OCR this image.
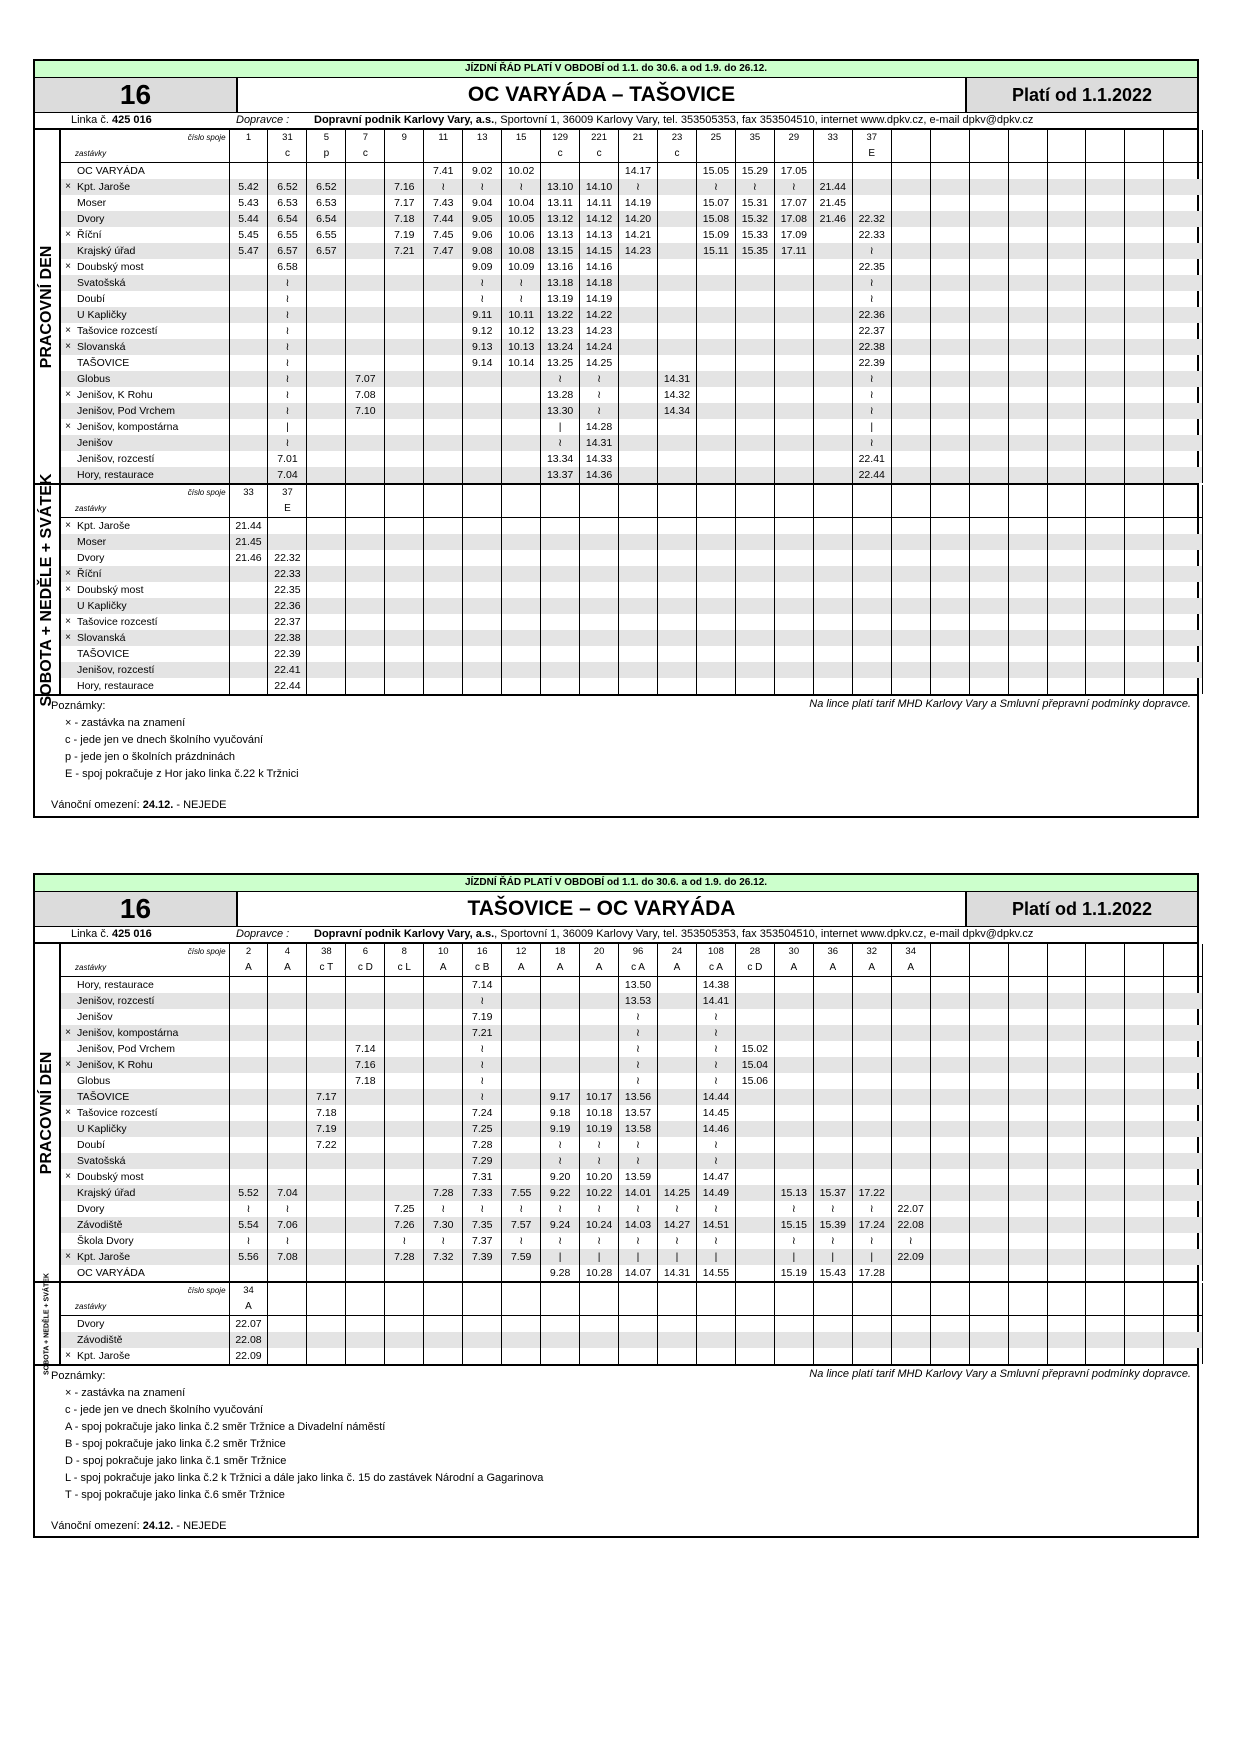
JÍZDNÍ ŘÁD PLATÍ V OBDOBÍ od 1.1. do 30.6. a od 1.9. do 26.12.
16	OC VARYÁDA – TAŠOVICE	Platí od 1.1.2022
Linka č. 425 016	Dopravce :	Dopravní podnik Karlovy Vary, a.s., Sportovní 1, 36009 Karlovy Vary, tel. 353505353, fax 353504510, internet www.dpkv.cz, e-mail dpkv@dpkv.cz
PRACOVNÍ DEN
číslo spoje		1	31	5	7	9	11	13	15	129	221	21	23	25	35	29	33	37								
zastávky			c	p	c					c	c		c					E								
	OC VARYÁDA						7.41	9.02	10.02			14.17		15.05	15.29	17.05										
×	Kpt. Jaroše	5.42	6.52	6.52		7.16	≀	≀	≀	13.10	14.10	≀		≀	≀	≀	21.44									
	Moser	5.43	6.53	6.53		7.17	7.43	9.04	10.04	13.11	14.11	14.19		15.07	15.31	17.07	21.45									
	Dvory	5.44	6.54	6.54		7.18	7.44	9.05	10.05	13.12	14.12	14.20		15.08	15.32	17.08	21.46	22.32								
×	Říční	5.45	6.55	6.55		7.19	7.45	9.06	10.06	13.13	14.13	14.21		15.09	15.33	17.09		22.33								
	Krajský úřad	5.47	6.57	6.57		7.21	7.47	9.08	10.08	13.15	14.15	14.23		15.11	15.35	17.11		≀								
×	Doubský most		6.58					9.09	10.09	13.16	14.16							22.35								
	Svatošská		≀					≀	≀	13.18	14.18							≀								
	Doubí		≀					≀	≀	13.19	14.19							≀								
	U Kapličky		≀					9.11	10.11	13.22	14.22							22.36								
×	Tašovice rozcestí		≀					9.12	10.12	13.23	14.23							22.37								
×	Slovanská		≀					9.13	10.13	13.24	14.24							22.38								
	TAŠOVICE		≀					9.14	10.14	13.25	14.25							22.39								
	Globus		≀		7.07					≀	≀		14.31					≀								
×	Jenišov, K Rohu		≀		7.08					13.28	≀		14.32					≀								
	Jenišov, Pod Vrchem		≀		7.10					13.30	≀		14.34					≀								
×	Jenišov, kompostárna		|							|	14.28							|								
	Jenišov		≀							≀	14.31							≀								
	Jenišov, rozcestí		7.01							13.34	14.33							22.41								
	Hory, restaurace		7.04							13.37	14.36							22.44								
SOBOTA + NEDĚLE + SVÁTEK	číslo spoje		33	37																							
zastávky			E																							
×	Kpt. Jaroše	21.44																								
	Moser	21.45																								
	Dvory	21.46	22.32																							
×	Říční		22.33																							
×	Doubský most		22.35																							
	U Kapličky		22.36																							
×	Tašovice rozcestí		22.37																							
×	Slovanská		22.38																							
	TAŠOVICE		22.39																							
	Jenišov, rozcestí		22.41																							
	Hory, restaurace		22.44																							
Poznámky:	Na lince platí tarif MHD Karlovy Vary a Smluvní přepravní podmínky dopravce.
× - zastávka na znamení
c - jede jen ve dnech školního vyučování
p - jede jen o školních prázdninách
E - spoj pokračuje z Hor jako linka č.22 k Tržnici
Vánoční omezení: 24.12. - NEJEDE
JÍZDNÍ ŘÁD PLATÍ V OBDOBÍ od 1.1. do 30.6. a od 1.9. do 26.12.
16	TAŠOVICE – OC VARYÁDA	Platí od 1.1.2022
Linka č. 425 016	Dopravce :	Dopravní podnik Karlovy Vary, a.s., Sportovní 1, 36009 Karlovy Vary, tel. 353505353, fax 353504510, internet www.dpkv.cz, e-mail dpkv@dpkv.cz
PRACOVNÍ DEN
číslo spoje		2	4	38	6	8	10	16	12	18	20	96	24	108	28	30	36	32	34							
zastávky		A	A	c T	c D	c L	A	c B	A	A	A	c A	A	c A	c D	A	A	A	A							
	Hory, restaurace							7.14				13.50		14.38												
	Jenišov, rozcestí							≀				13.53		14.41												
	Jenišov							7.19				≀		≀												
×	Jenišov, kompostárna							7.21				≀		≀												
	Jenišov, Pod Vrchem				7.14			≀				≀		≀	15.02											
×	Jenišov, K Rohu				7.16			≀				≀		≀	15.04											
	Globus				7.18			≀				≀		≀	15.06											
	TAŠOVICE			7.17				≀		9.17	10.17	13.56		14.44												
×	Tašovice rozcestí			7.18				7.24		9.18	10.18	13.57		14.45												
	U Kapličky			7.19				7.25		9.19	10.19	13.58		14.46												
	Doubí			7.22				7.28		≀	≀	≀		≀												
	Svatošská							7.29		≀	≀	≀		≀												
×	Doubský most							7.31		9.20	10.20	13.59		14.47												
	Krajský úřad	5.52	7.04				7.28	7.33	7.55	9.22	10.22	14.01	14.25	14.49		15.13	15.37	17.22								
	Dvory	≀	≀			7.25	≀	≀	≀	≀	≀	≀	≀	≀		≀	≀	≀	22.07							
	Závodiště	5.54	7.06			7.26	7.30	7.35	7.57	9.24	10.24	14.03	14.27	14.51		15.15	15.39	17.24	22.08							
	Škola Dvory	≀	≀			≀	≀	7.37	≀	≀	≀	≀	≀	≀		≀	≀	≀	≀							
×	Kpt. Jaroše	5.56	7.08			7.28	7.32	7.39	7.59	|	|	|	|	|		|	|	|	22.09							
	OC VARYÁDA									9.28	10.28	14.07	14.31	14.55		15.19	15.43	17.28								
SOBOTA + NEDĚLE + SVÁTEK	číslo spoje		34																								
zastávky		A																								
	Dvory	22.07																								
	Závodiště	22.08																								
×	Kpt. Jaroše	22.09																								
Poznámky:	Na lince platí tarif MHD Karlovy Vary a Smluvní přepravní podmínky dopravce.
× - zastávka na znamení
c - jede jen ve dnech školního vyučování
A - spoj pokračuje jako linka č.2 směr Tržnice a Divadelní náměstí
B - spoj pokračuje jako linka č.2 směr Tržnice
D - spoj pokračuje jako linka č.1 směr Tržnice
L - spoj pokračuje jako linka č.2 k Tržnici a dále jako linka č. 15 do zastávek Národní a Gagarinova
T - spoj pokračuje jako linka č.6 směr Tržnice
Vánoční omezení: 24.12. - NEJEDE
